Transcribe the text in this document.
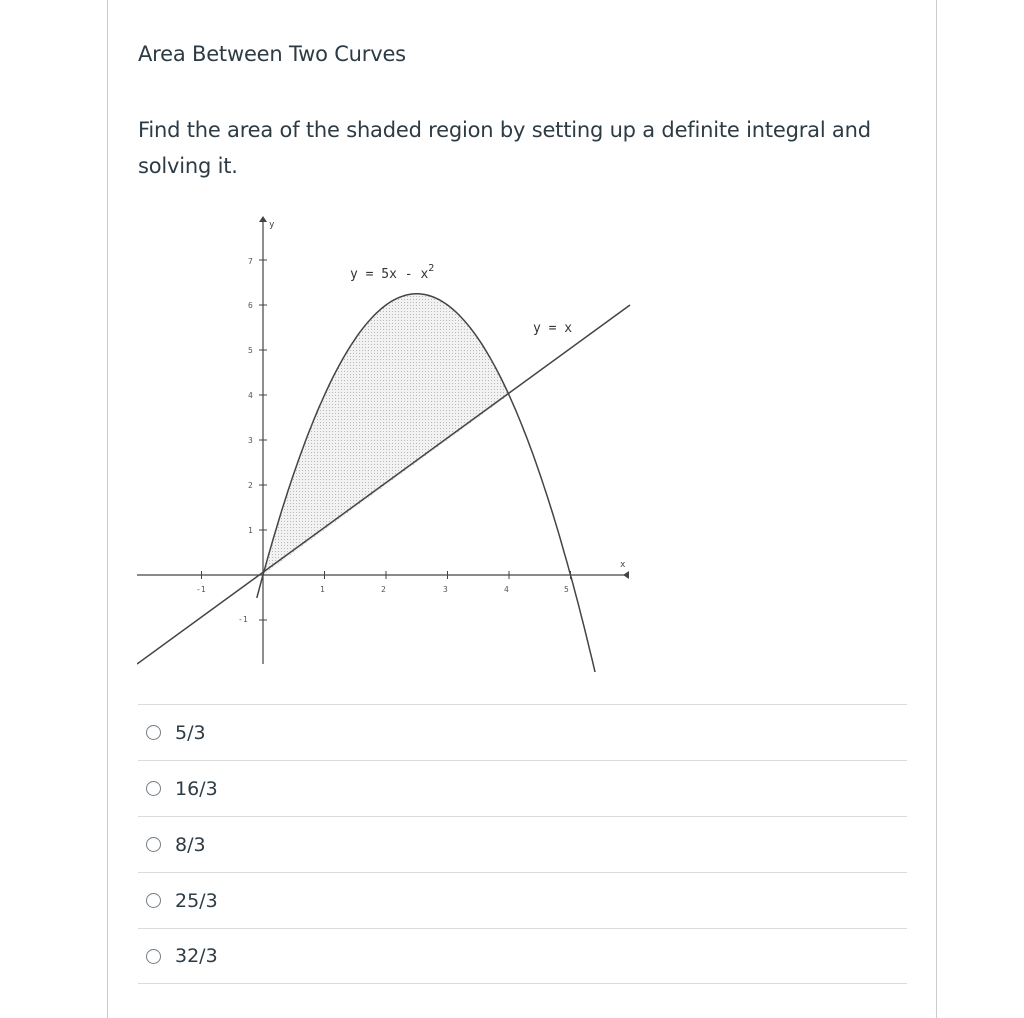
Area Between Two Curves
Find the area of the shaded region by setting up a definite integral and solving it.
x
y
7
6
5
4
3
2
1
-1
-1	1	2	3	4	5
$y = 5x - x^2$
y = x
5/3
16/3
8/3
25/3
32/3
